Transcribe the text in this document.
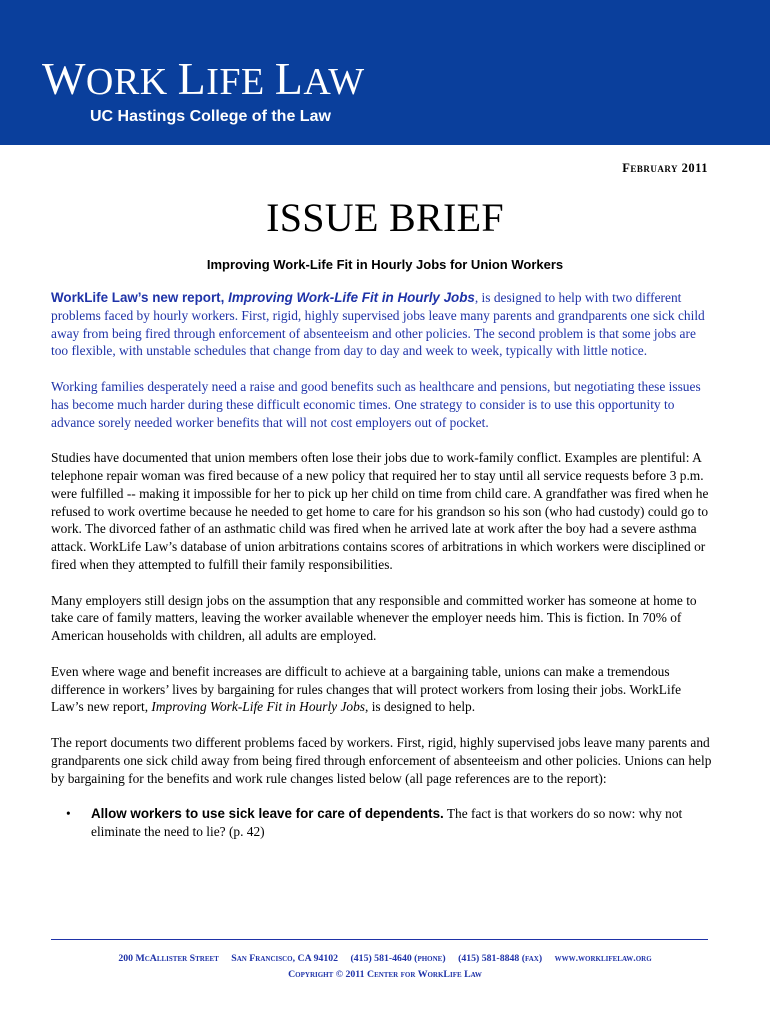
WORK LIFE LAW
UC Hastings College of the Law
February 2011
ISSUE BRIEF
Improving Work-Life Fit in Hourly Jobs for Union Workers

WorkLife Law’s new report, Improving Work-Life Fit in Hourly Jobs, is designed to help with two different problems faced by hourly workers. First, rigid, highly supervised jobs leave many parents and grandparents one sick child away from being fired through enforcement of absenteeism and other policies. The second problem is that some jobs are too flexible, with unstable schedules that change from day to day and week to week, typically with little notice.

Working families desperately need a raise and good benefits such as healthcare and pensions, but negotiating these issues has become much harder during these difficult economic times. One strategy to consider is to use this opportunity to advance sorely needed worker benefits that will not cost employers out of pocket.

Studies have documented that union members often lose their jobs due to work-family conflict. Examples are plentiful: A telephone repair woman was fired because of a new policy that required her to stay until all service requests before 3 p.m. were fulfilled -- making it impossible for her to pick up her child on time from child care. A grandfather was fired when he refused to work overtime because he needed to get home to care for his grandson so his son (who had custody) could go to work. The divorced father of an asthmatic child was fired when he arrived late at work after the boy had a severe asthma attack. WorkLife Law’s database of union arbitrations contains scores of arbitrations in which workers were disciplined or fired when they attempted to fulfill their family responsibilities.

Many employers still design jobs on the assumption that any responsible and committed worker has someone at home to take care of family matters, leaving the worker available whenever the employer needs him. This is fiction. In 70% of American households with children, all adults are employed.

Even where wage and benefit increases are difficult to achieve at a bargaining table, unions can make a tremendous difference in workers’ lives by bargaining for rules changes that will protect workers from losing their jobs. WorkLife Law’s new report, Improving Work-Life Fit in Hourly Jobs, is designed to help.

The report documents two different problems faced by workers. First, rigid, highly supervised jobs leave many parents and grandparents one sick child away from being fired through enforcement of absenteeism and other policies. Unions can help by bargaining for the benefits and work rule changes listed below (all page references are to the report):

• Allow workers to use sick leave for care of dependents. The fact is that workers do so now: why not eliminate the need to lie? (p. 42)
200 McAllister Street San Francisco, CA 94102 (415) 581-4640 (phone) (415) 581-8848 (fax) www.worklifelaw.org
Copyright © 2011 Center for WorkLife Law
